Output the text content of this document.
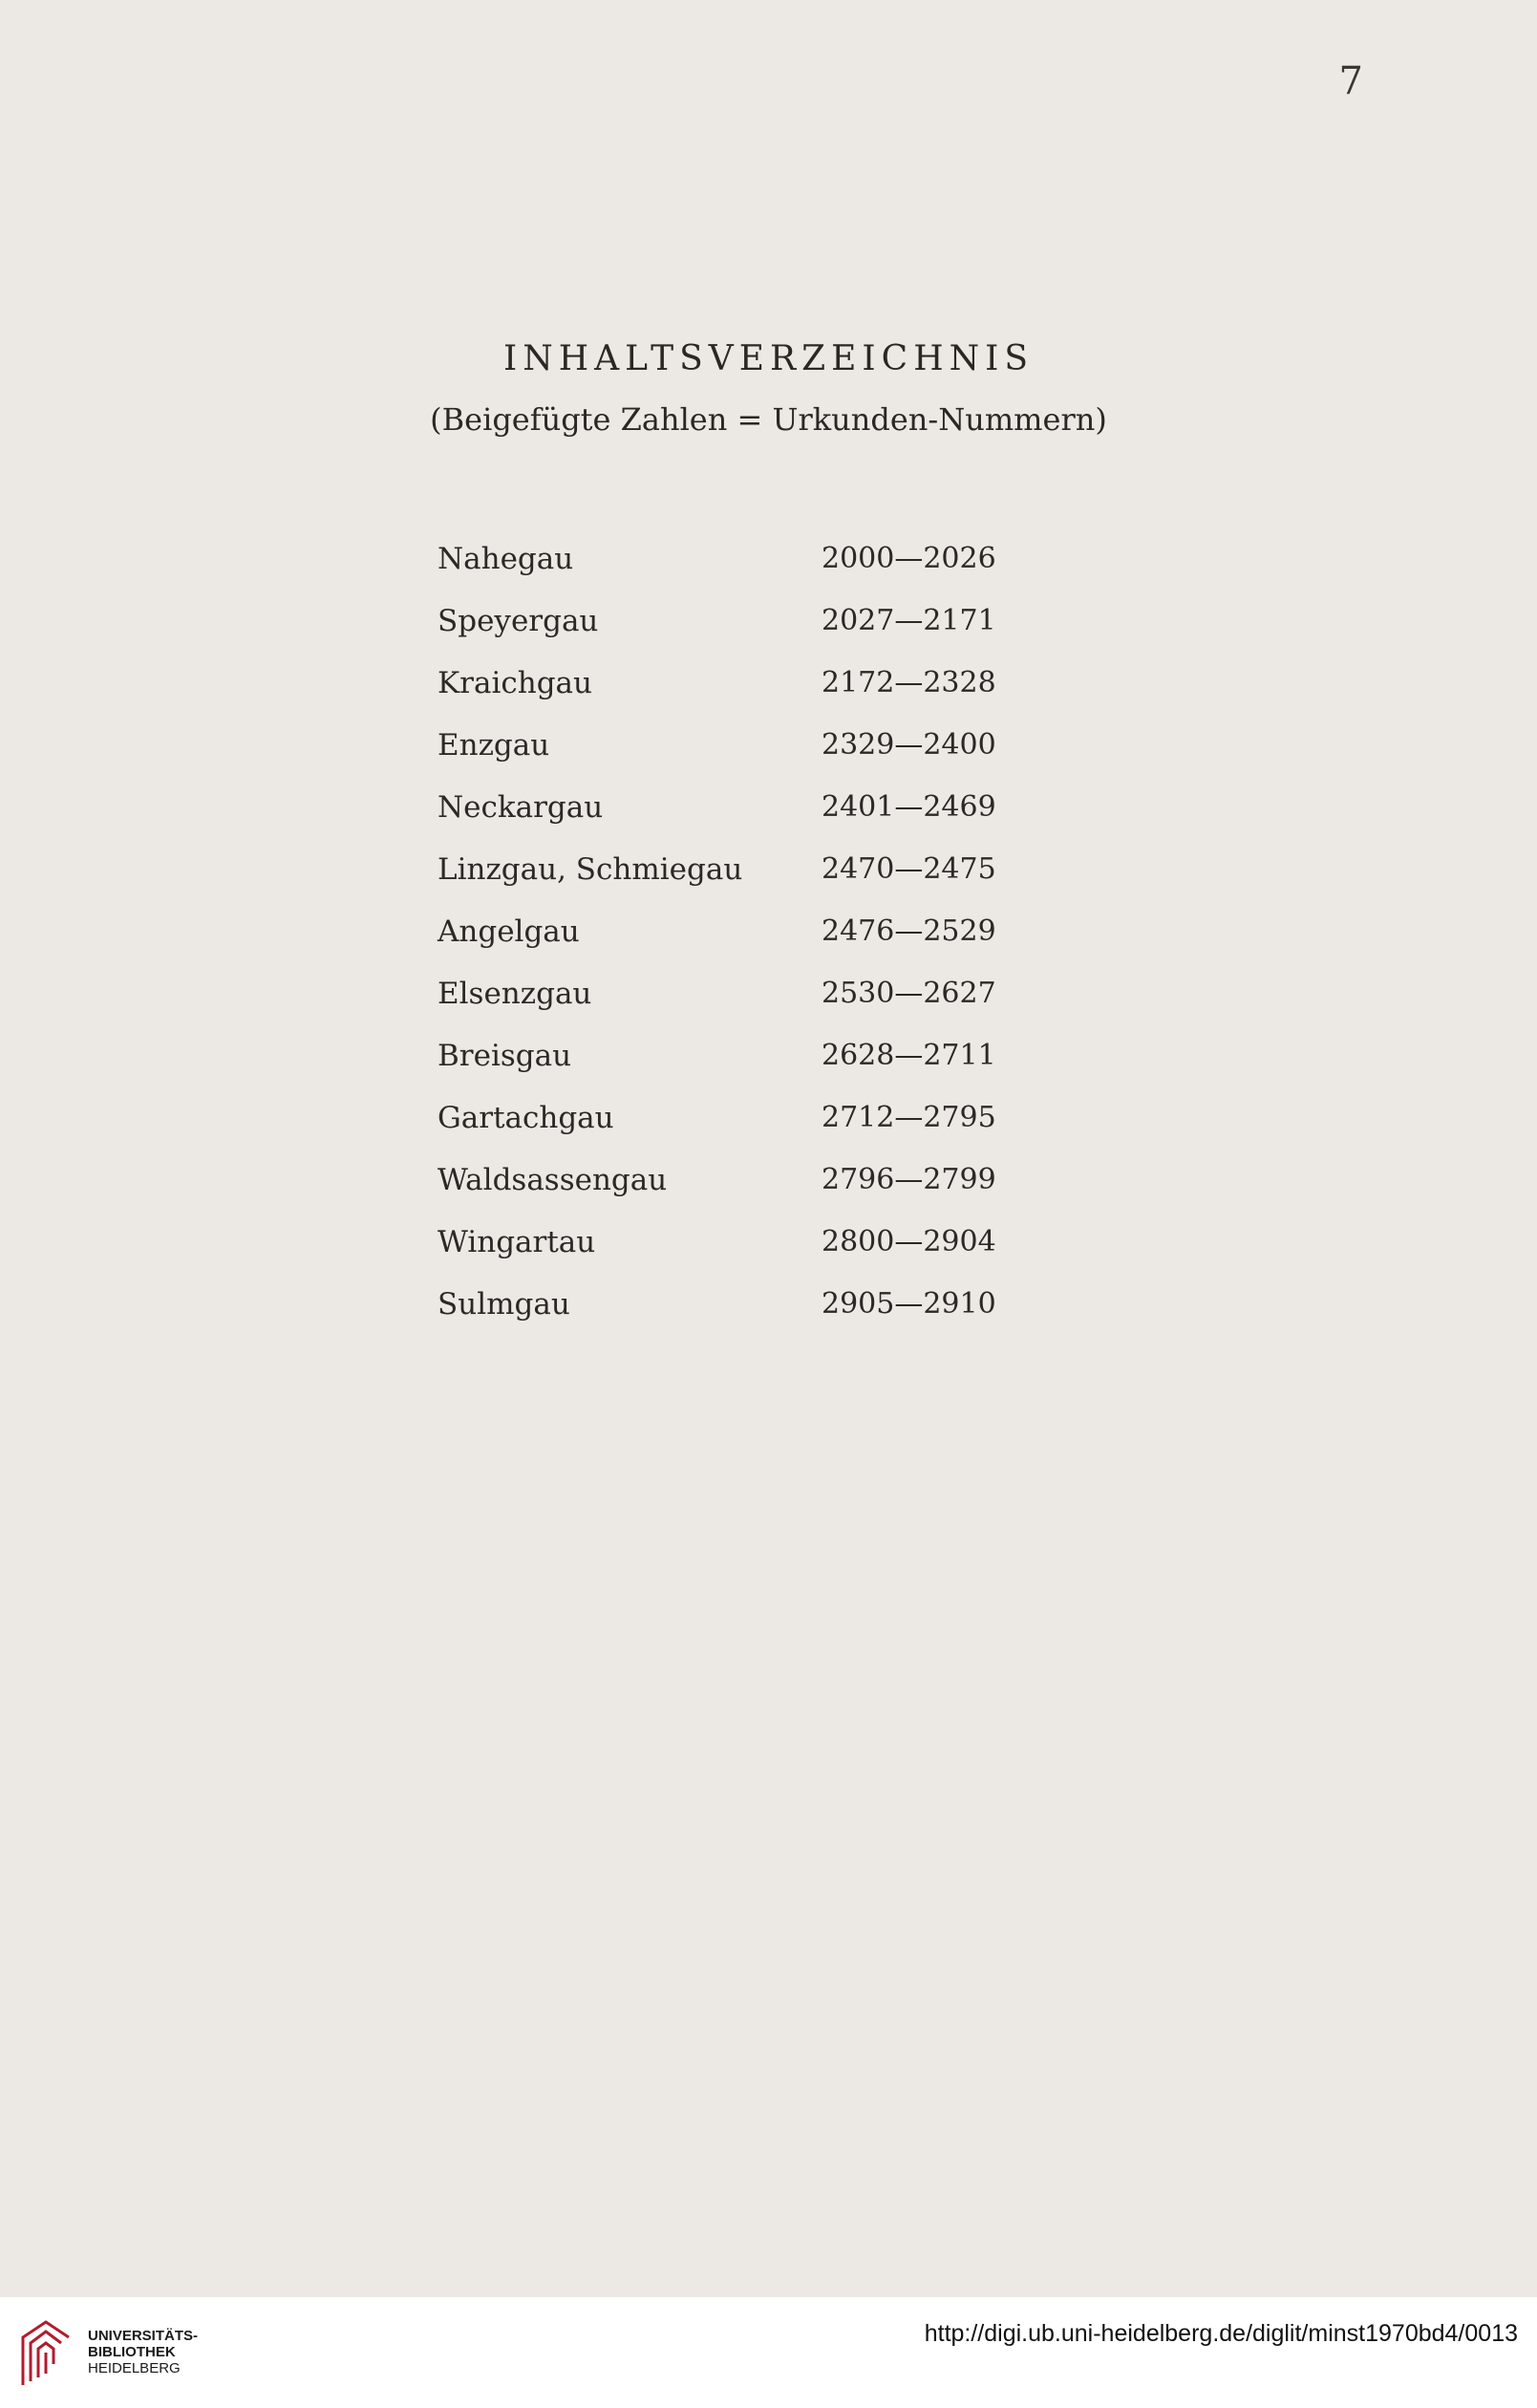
7
INHALTSVERZEICHNIS
(Beigefügte Zahlen = Urkunden-Nummern)
Nahegau	2000—2026
Speyergau	2027—2171
Kraichgau	2172—2328
Enzgau	2329—2400
Neckargau	2401—2469
Linzgau, Schmiegau	2470—2475
Angelgau	2476—2529
Elsenzgau	2530—2627
Breisgau	2628—2711
Gartachgau	2712—2795
Waldsassengau	2796—2799
Wingartau	2800—2904
Sulmgau	2905—2910
UNIVERSITÄTS-
BIBLIOTHEK
HEIDELBERG
http://digi.ub.uni-heidelberg.de/diglit/minst1970bd4/0013
